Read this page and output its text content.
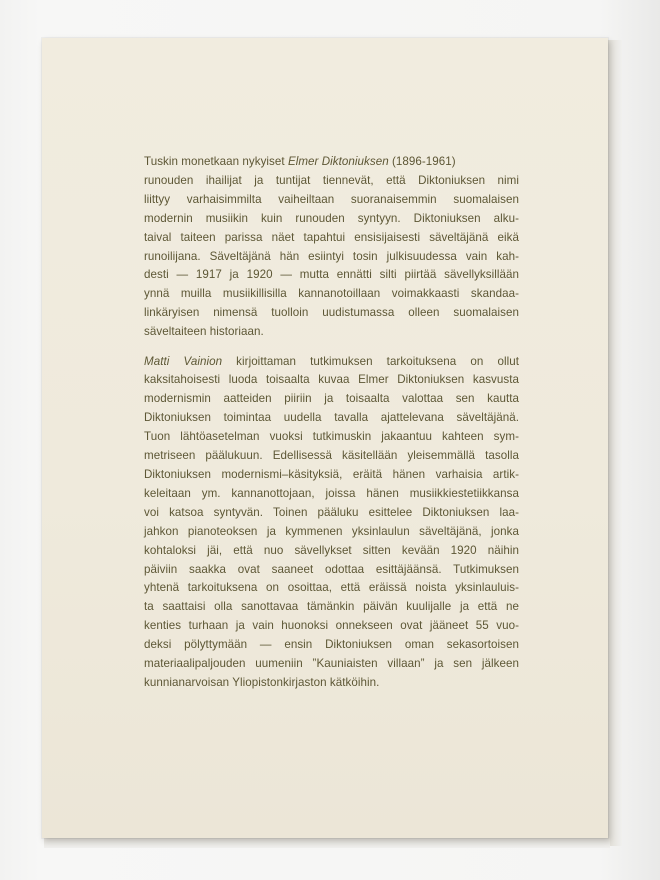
Tuskin monetkaan nykyiset Elmer Diktoniuksen (1896-1961)
runouden ihailijat ja tuntijat tiennevät, että Diktoniuksen nimi
liittyy varhaisimmilta vaiheiltaan suoranaisemmin suomalaisen
modernin musiikin kuin runouden syntyyn. Diktoniuksen alku-
taival taiteen parissa näet tapahtui ensisijaisesti säveltäjänä eikä
runoilijana. Säveltäjänä hän esiintyi tosin julkisuudessa vain kah-
desti — 1917 ja 1920 — mutta ennätti silti piirtää sävellyksillään
ynnä muilla musiikillisilla kannanotoillaan voimakkaasti skandaa-
linkäryisen nimensä tuolloin uudistumassa olleen suomalaisen
säveltaiteen historiaan.

Matti Vainion kirjoittaman tutkimuksen tarkoituksena on ollut
kaksitahoisesti luoda toisaalta kuvaa Elmer Diktoniuksen kasvusta
modernismin aatteiden piiriin ja toisaalta valottaa sen kautta
Diktoniuksen toimintaa uudella tavalla ajattelevana säveltäjänä.
Tuon lähtöasetelman vuoksi tutkimuskin jakaantuu kahteen sym-
metriseen päälukuun. Edellisessä käsitellään yleisemmällä tasolla
Diktoniuksen modernismi–käsityksiä, eräitä hänen varhaisia artik-
keleitaan ym. kannanottojaan, joissa hänen musiikkiestetiikkansa
voi katsoa syntyvän. Toinen pääluku esittelee Diktoniuksen laa-
jahkon pianoteoksen ja kymmenen yksinlaulun säveltäjänä, jonka
kohtaloksi jäi, että nuo sävellykset sitten kevään 1920 näihin
päiviin saakka ovat saaneet odottaa esittäjäänsä. Tutkimuksen
yhtenä tarkoituksena on osoittaa, että eräissä noista yksinlauluis-
ta saattaisi olla sanottavaa tämänkin päivän kuulijalle ja että ne
kenties turhaan ja vain huonoksi onnekseen ovat jääneet 55 vuo-
deksi pölyttymään — ensin Diktoniuksen oman sekasortoisen
materiaalipaljouden uumeniin ”Kauniaisten villaan” ja sen jälkeen
kunnianarvoisan Yliopistonkirjaston kätköihin.
